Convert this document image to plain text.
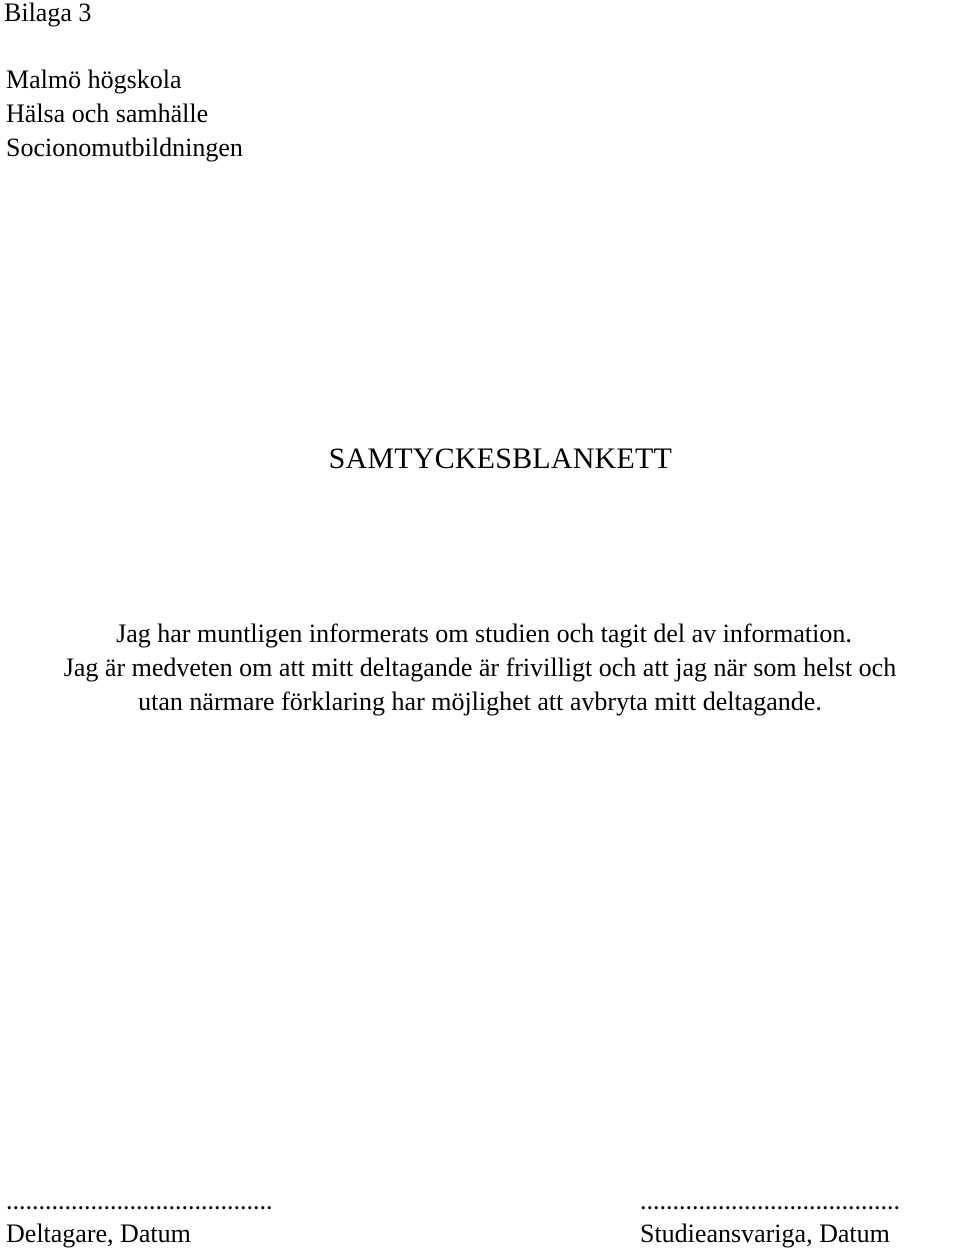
Bilaga 3
Malmö högskola
Hälsa och samhälle
Socionomutbildningen
SAMTYCKESBLANKETT
Jag har muntligen informerats om studien och tagit del av information.
Jag är medveten om att mitt deltagande är frivilligt och att jag när som helst och
utan närmare förklaring har möjlighet att avbryta mitt deltagande.
.........................................
Deltagare, Datum
........................................
Studieansvariga, Datum
